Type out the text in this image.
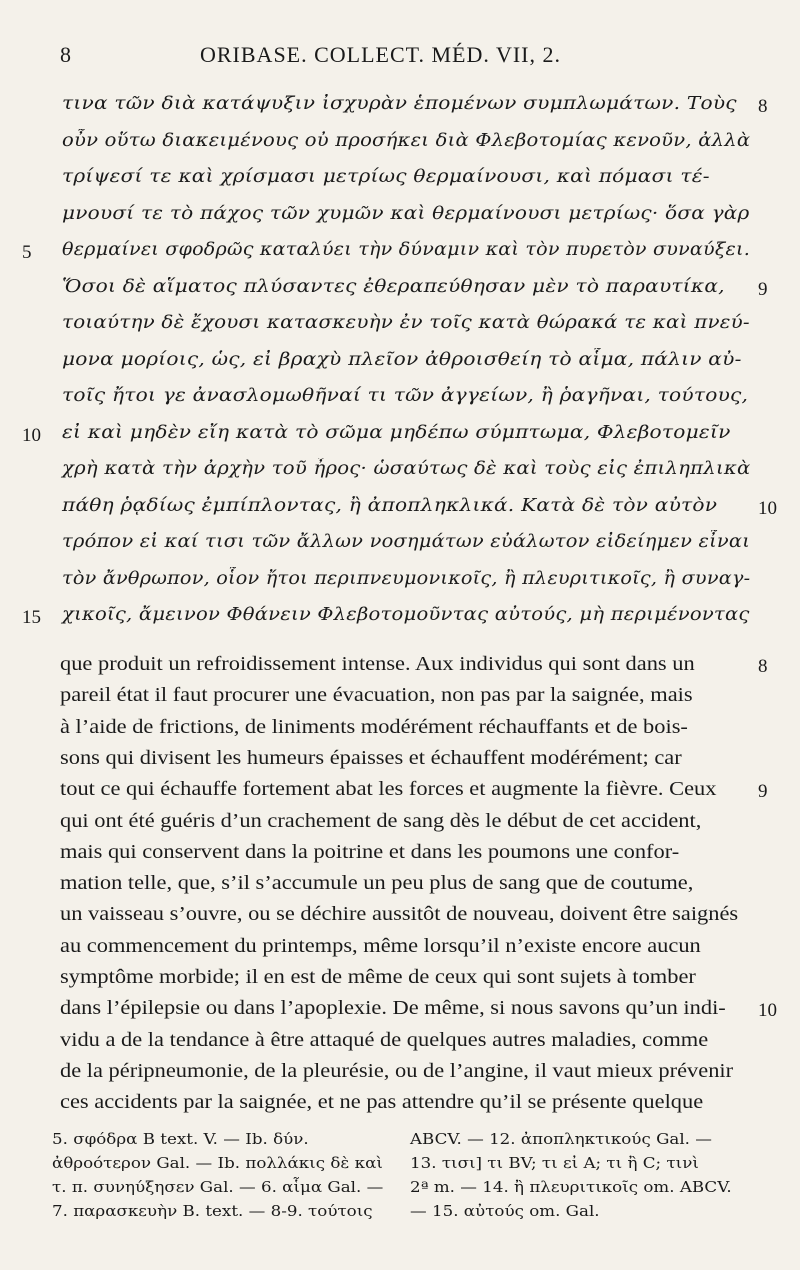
8	ORIBASE. COLLECT. MÉD. VII, 2.
τινα τῶν διὰ κατάψυξιν ἰσχυρὰν ἑπομένων συμπλωμάτων. Τοὺς 8
οὖν οὕτω διακειμένους οὐ προσήκει διὰ Φλεβοτομίας κενοῦν, ἀλλὰ
τρίψεσί τε καὶ χρίσμασι μετρίως θερμαίνουσι, καὶ πόμασι τέ-
μνουσί τε τὸ πάχος τῶν χυμῶν καὶ θερμαίνουσι μετρίως· ὅσα γὰρ
θερμαίνει σφοδρῶς καταλύει τὴν δύναμιν καὶ τὸν πυρετὸν συναύξει.
5
Ὅσοι δὲ αἵματος πλύσαντες ἐθεραπεύθησαν μὲν τὸ παραυτίκα, 9
τοιαύτην δὲ ἔχουσι κατασκευὴν ἐν τοῖς κατὰ θώρακά τε καὶ πνεύ-
μονα μορίοις, ὡς, εἰ βραχὺ πλεῖον ἀθροισθείη τὸ αἷμα, πάλιν αὐ-
τοῖς ἤτοι γε ἀνασλομωθῆναί τι τῶν ἀγγείων, ἢ ῥαγῆναι, τούτους,
εἰ καὶ μηδὲν εἴη κατὰ τὸ σῶμα μηδέπω σύμπτωμα, Φλεβοτομεῖν
10
χρὴ κατὰ τὴν ἀρχὴν τοῦ ἦρος· ὡσαύτως δὲ καὶ τοὺς εἰς ἐπιληπλικὰ
πάθη ῥᾳδίως ἐμπίπλοντας, ἢ ἀποπληκλικά. Κατὰ δὲ τὸν αὐτὸν 10
τρόπον εἰ καί τισι τῶν ἄλλων νοσημάτων εὐάλωτον εἰδείημεν εἶναι
τὸν ἄνθρωπον, οἷον ἤτοι περιπνευμονικοῖς, ἢ πλευριτικοῖς, ἢ συναγ-
χικοῖς, ἄμεινον Φθάνειν Φλεβοτομοῦντας αὐτούς, μὴ περιμένοντας
15
que produit un refroidissement intense. Aux individus qui sont dans un	8
pareil état il faut procurer une évacuation, non pas par la saignée, mais
à l’aide de frictions, de liniments modérément réchauffants et de bois-
sons qui divisent les humeurs épaisses et échauffent modérément; car
tout ce qui échauffe fortement abat les forces et augmente la fièvre. Ceux 9
qui ont été guéris d’un crachement de sang dès le début de cet accident,
mais qui conservent dans la poitrine et dans les poumons une confor-
mation telle, que, s’il s’accumule un peu plus de sang que de coutume,
un vaisseau s’ouvre, ou se déchire aussitôt de nouveau, doivent être saignés
au commencement du printemps, même lorsqu’il n’existe encore aucun
symptôme morbide; il en est de même de ceux qui sont sujets à tomber
dans l’épilepsie ou dans l’apoplexie. De même, si nous savons qu’un indi- 10
vidu a de la tendance à être attaqué de quelques autres maladies, comme
de la péripneumonie, de la pleurésie, ou de l’angine, il vaut mieux prévenir
ces accidents par la saignée, et ne pas attendre qu’il se présente quelque
5. σφόδρα B text. V. — Ib. δύν.
ἀθροότερον Gal. — Ib. πολλάκις δὲ καὶ
τ. π. συνηύξησεν Gal. — 6. αἷμα Gal. —
7. παρασκευὴν B. text. — 8-9. τούτοις
ABCV. — 12. ἀποπληκτικούς Gal. —
13. τισι] τι BV; τι εἰ A; τι ἢ C; τινὶ
2ª m. — 14. ἢ πλευριτικοῖς om. ABCV.
— 15. αὐτούς om. Gal.
